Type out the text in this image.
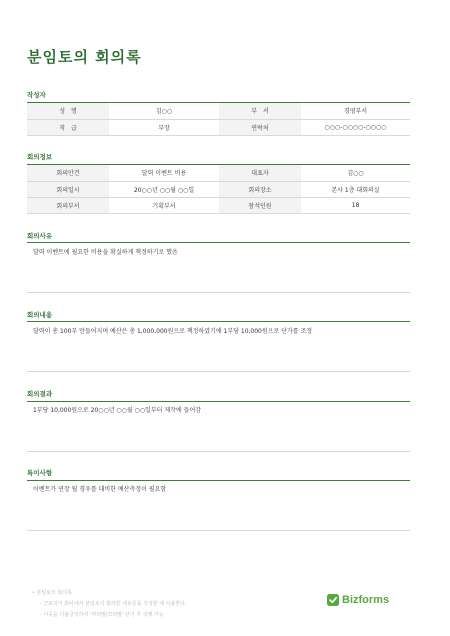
분임토의 회의록
작성자
성　명	김○○	부　서	경영부서
직　급	부장	연락처	○○○-○○○○-○○○○
회의정보
회의안건	달력 이벤트 비용	대표자	김○○
회의일시	20○○년 ○○월 ○○일	회의장소	본사 1층 대회의실
회의부서	기획부서	참석인원	18
회의사유
달력 이벤트에 필요한 비용을 확실하게 책정하기로 했음
회의내용
달력이 총 100부 만들어지며 예산은 총 1,000,000원으로 책정하였기에 1부당 10,000원으로 단가를 조정
회의결과
1부당 10,000원으로 20○○년 ○○월 ○○일부터 제작에 들어감
특이사항
이벤트가 연장 될 경우를 대비한 예산측정이 필요함
• 분임토의 회의록
- 근로자가 회사에서 분임토의 회의한 내용들을 작성할 때 사용한다.
- 이곳을 더블클릭하여 '머리말/꼬리말' 닫기 후 삭제 가능
Bizforms
